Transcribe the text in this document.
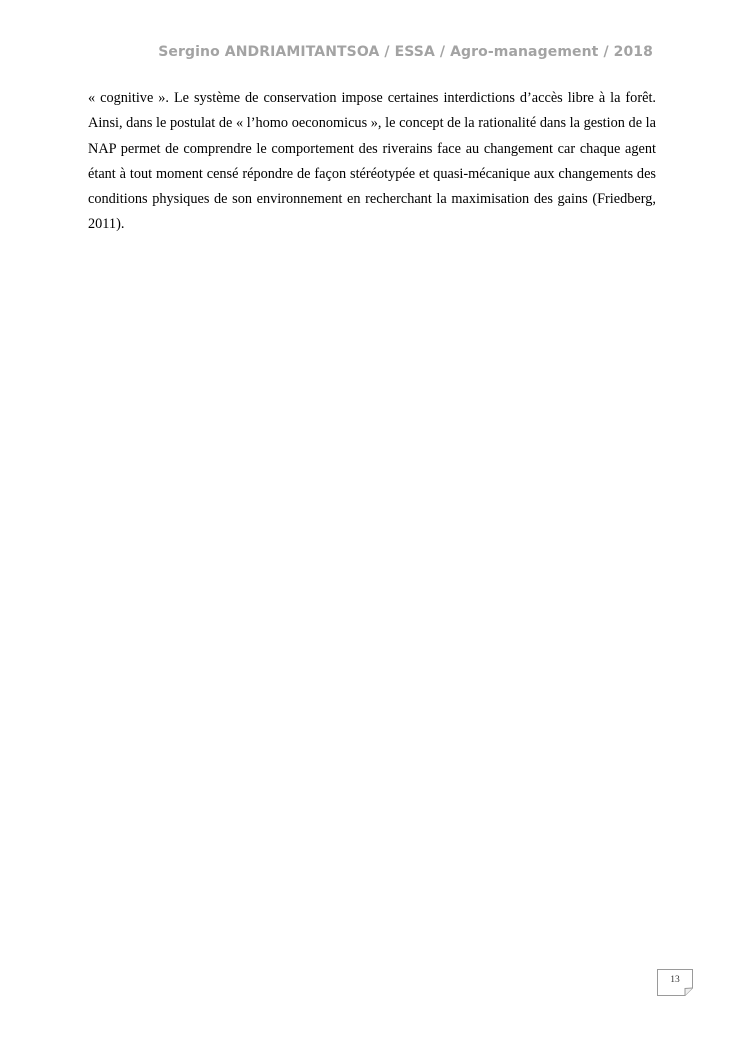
Sergino ANDRIAMITANTSOA / ESSA / Agro-management / 2018

« cognitive ». Le système de conservation impose certaines interdictions d’accès libre à la forêt. Ainsi, dans le postulat de « l’homo oeconomicus », le concept de la rationalité dans la gestion de la NAP permet de comprendre le comportement des riverains face au changement car chaque agent étant à tout moment censé répondre de façon stéréotypée et quasi-mécanique aux changements des conditions physiques de son environnement en recherchant la maximisation des gains (Friedberg, 2011).

13
